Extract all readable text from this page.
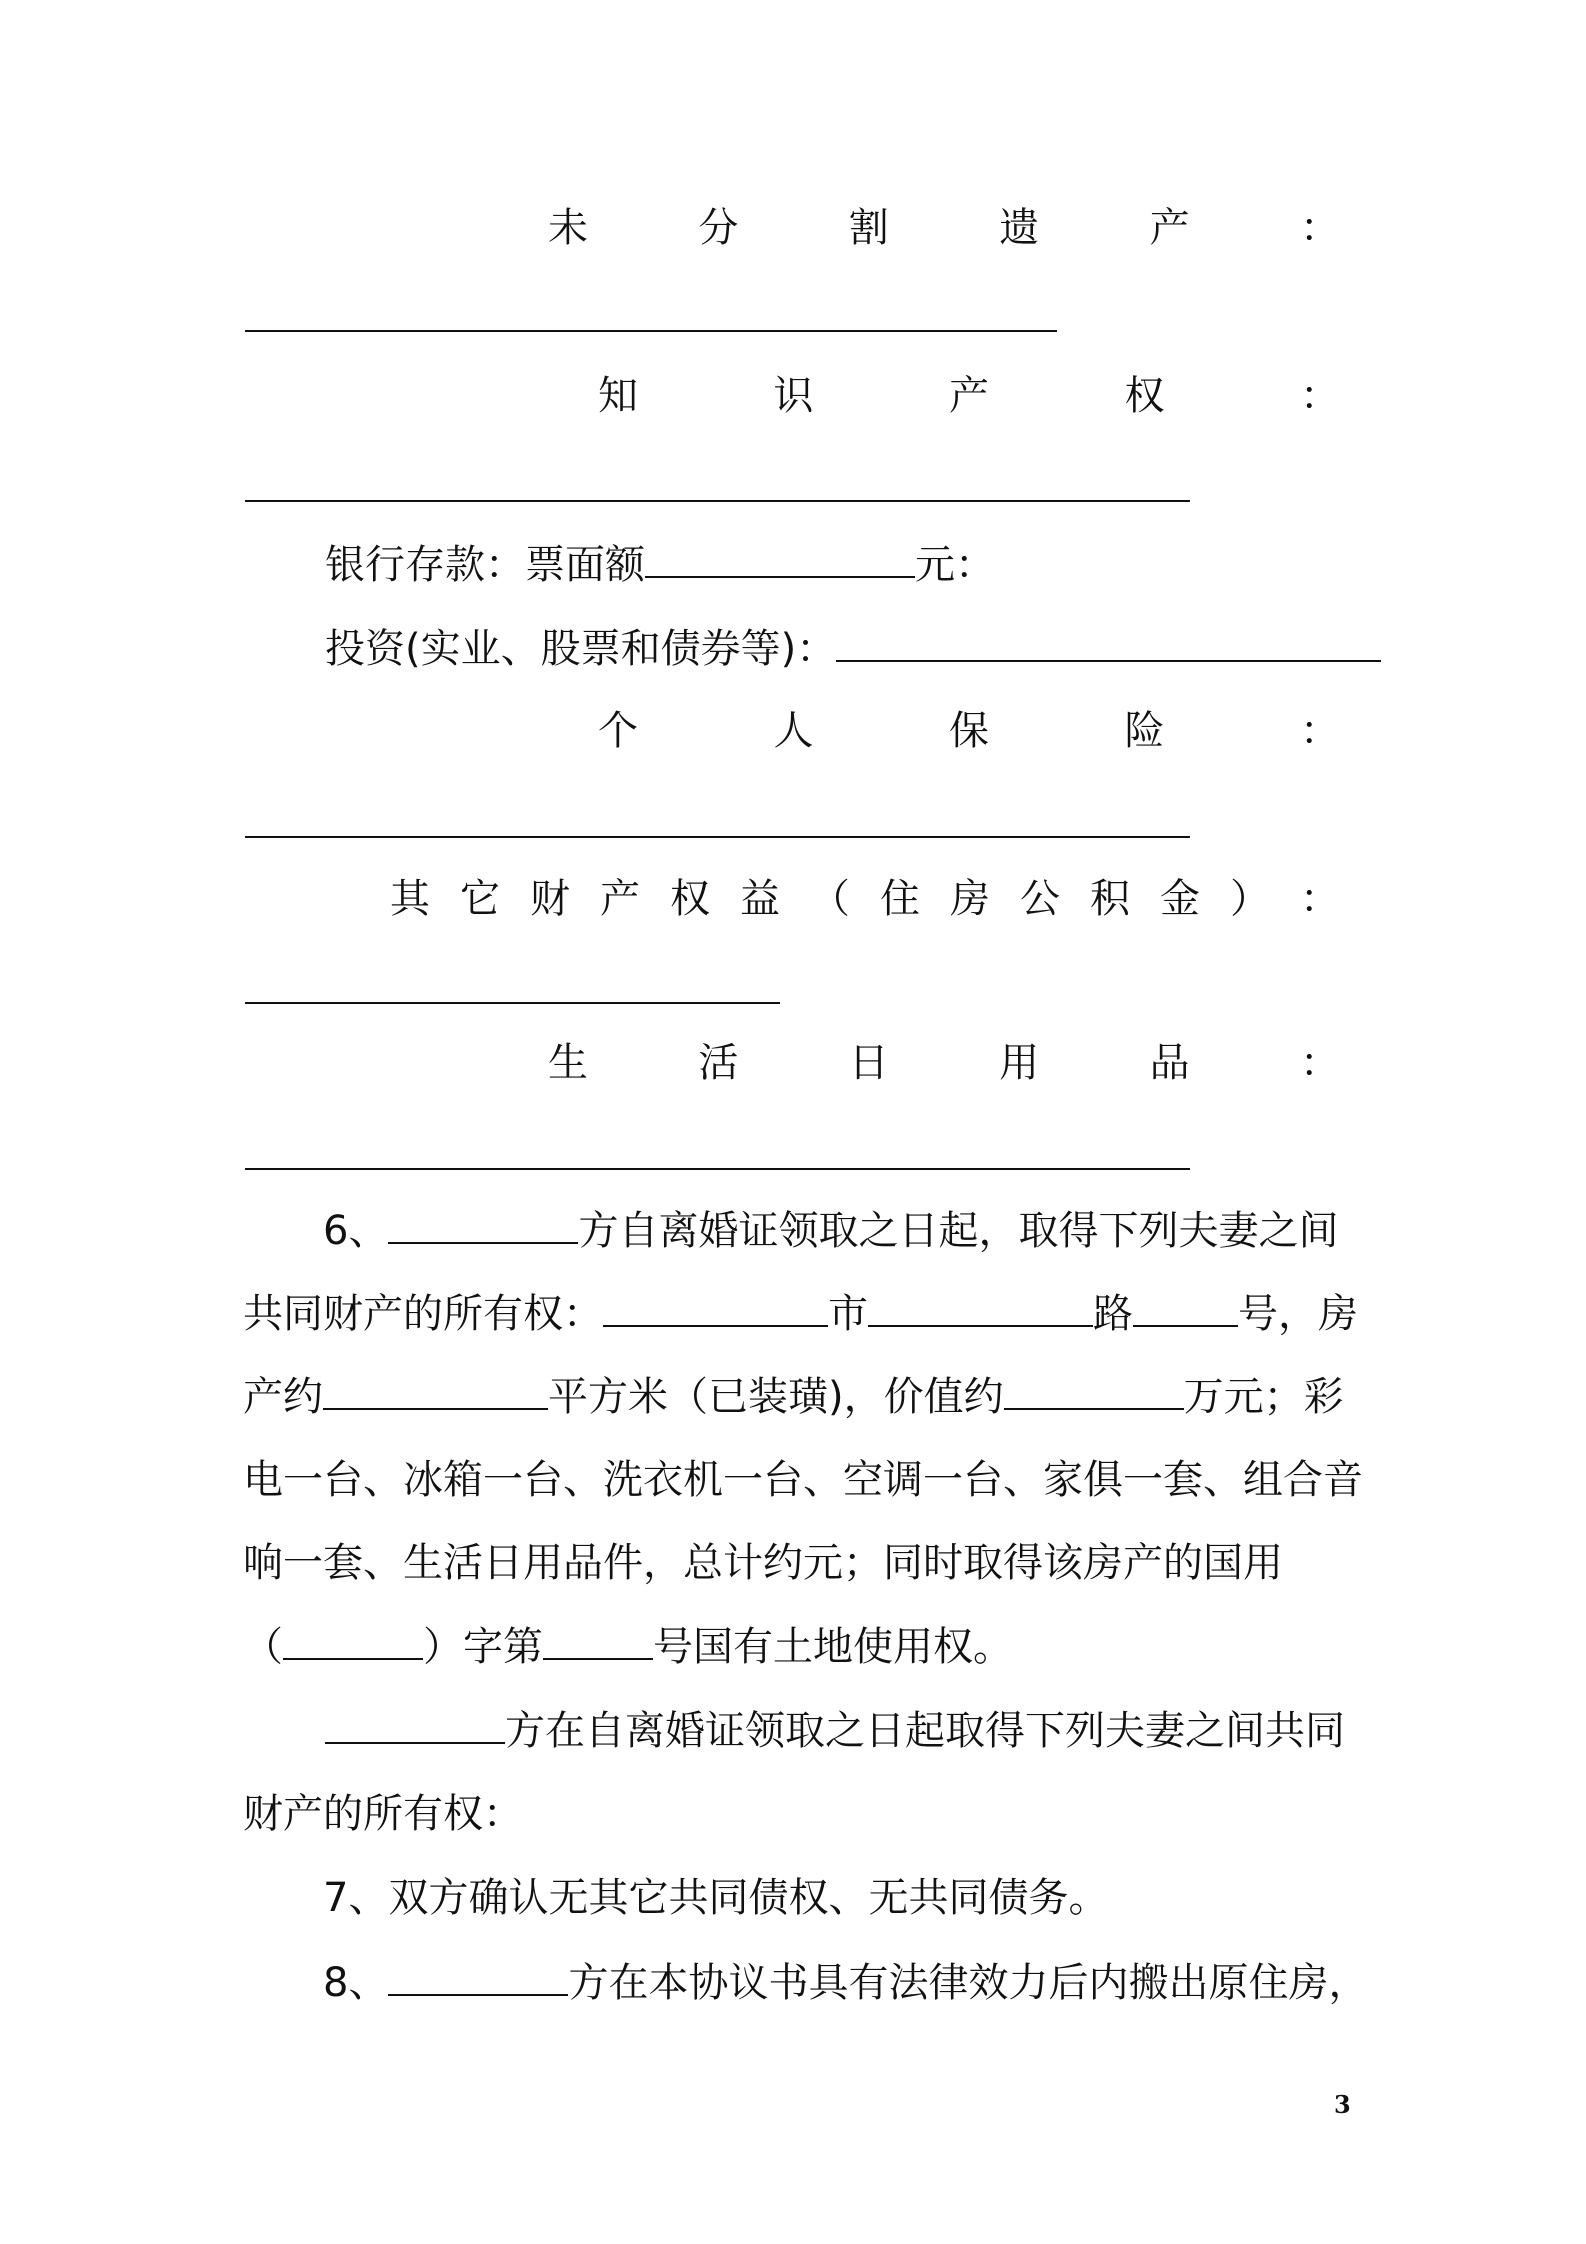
未	分	割	遗	产	：
知	识	产	权	：
银行存款：票面额	元：
投资(实业、股票和债券等)：
个	人	保	险	：
其 它 财 产 权 益 （ 住 房 公 积 金 ） ：
生	活	日	用	品	：
6、	方自离婚证领取之日起，取得下列夫妻之间
共同财产的所有权：	市	路	号，房
产约	平方米（已装璜)，价值约	万元；彩
电一台、冰箱一台、洗衣机一台、空调一台、家俱一套、组合音
响一套、生活日用品件，总计约元；同时取得该房产的国用
（	）字第	号国有土地使用权。
方在自离婚证领取之日起取得下列夫妻之间共同
财产的所有权：
7、双方确认无其它共同债权、无共同债务。
8、	方在本协议书具有法律效力后内搬出原住房，
3
